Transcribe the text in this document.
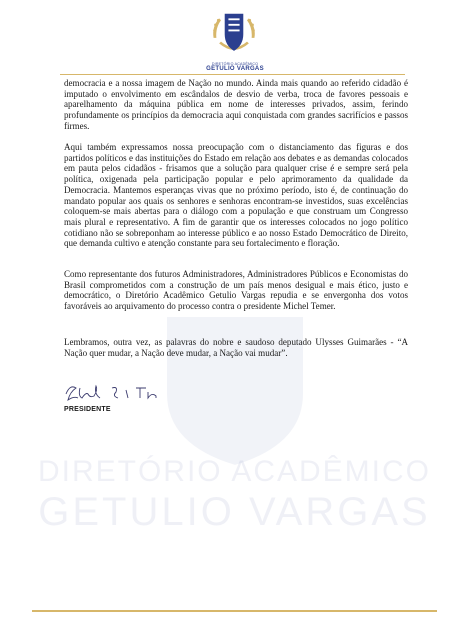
DIRETÓRIO ACADÊMICO
GETULIO VARGAS
DIRETÓRIO ACADÊMICO
GETULIO VARGAS

democracia e a nossa imagem de Nação no mundo. Ainda mais quando ao referido cidadão é imputado o envolvimento em escândalos de desvio de verba, troca de favores pessoais e aparelhamento da máquina pública em nome de interesses privados, assim, ferindo profundamente os princípios da democracia aqui conquistada com grandes sacrifícios e passos firmes.

Aqui também expressamos nossa preocupação com o distanciamento das figuras e dos partidos políticos e das instituições do Estado em relação aos debates e as demandas colocados em pauta pelos cidadãos - frisamos que a solução para qualquer crise é e sempre será pela política, oxigenada pela participação popular e pelo aprimoramento da qualidade da Democracia. Mantemos esperanças vivas que no próximo período, isto é, de continuação do mandato popular aos quais os senhores e senhoras encontram-se investidos, suas excelências coloquem-se mais abertas para o diálogo com a população e que construam um Congresso mais plural e representativo. A fim de garantir que os interesses colocados no jogo político cotidiano não se sobreponham ao interesse público e ao nosso Estado Democrático de Direito, que demanda cultivo e atenção constante para seu fortalecimento e floração.

Como representante dos futuros Administradores, Administradores Públicos e Economistas do Brasil comprometidos com a construção de um país menos desigual e mais ético, justo e democrático, o Diretório Acadêmico Getulio Vargas repudia e se envergonha dos votos favoráveis ao arquivamento do processo contra o presidente Michel Temer.

Lembramos, outra vez, as palavras do nobre e saudoso deputado Ulysses Guimarães - “A Nação quer mudar, a Nação deve mudar, a Nação vai mudar”.

PRESIDENTE
